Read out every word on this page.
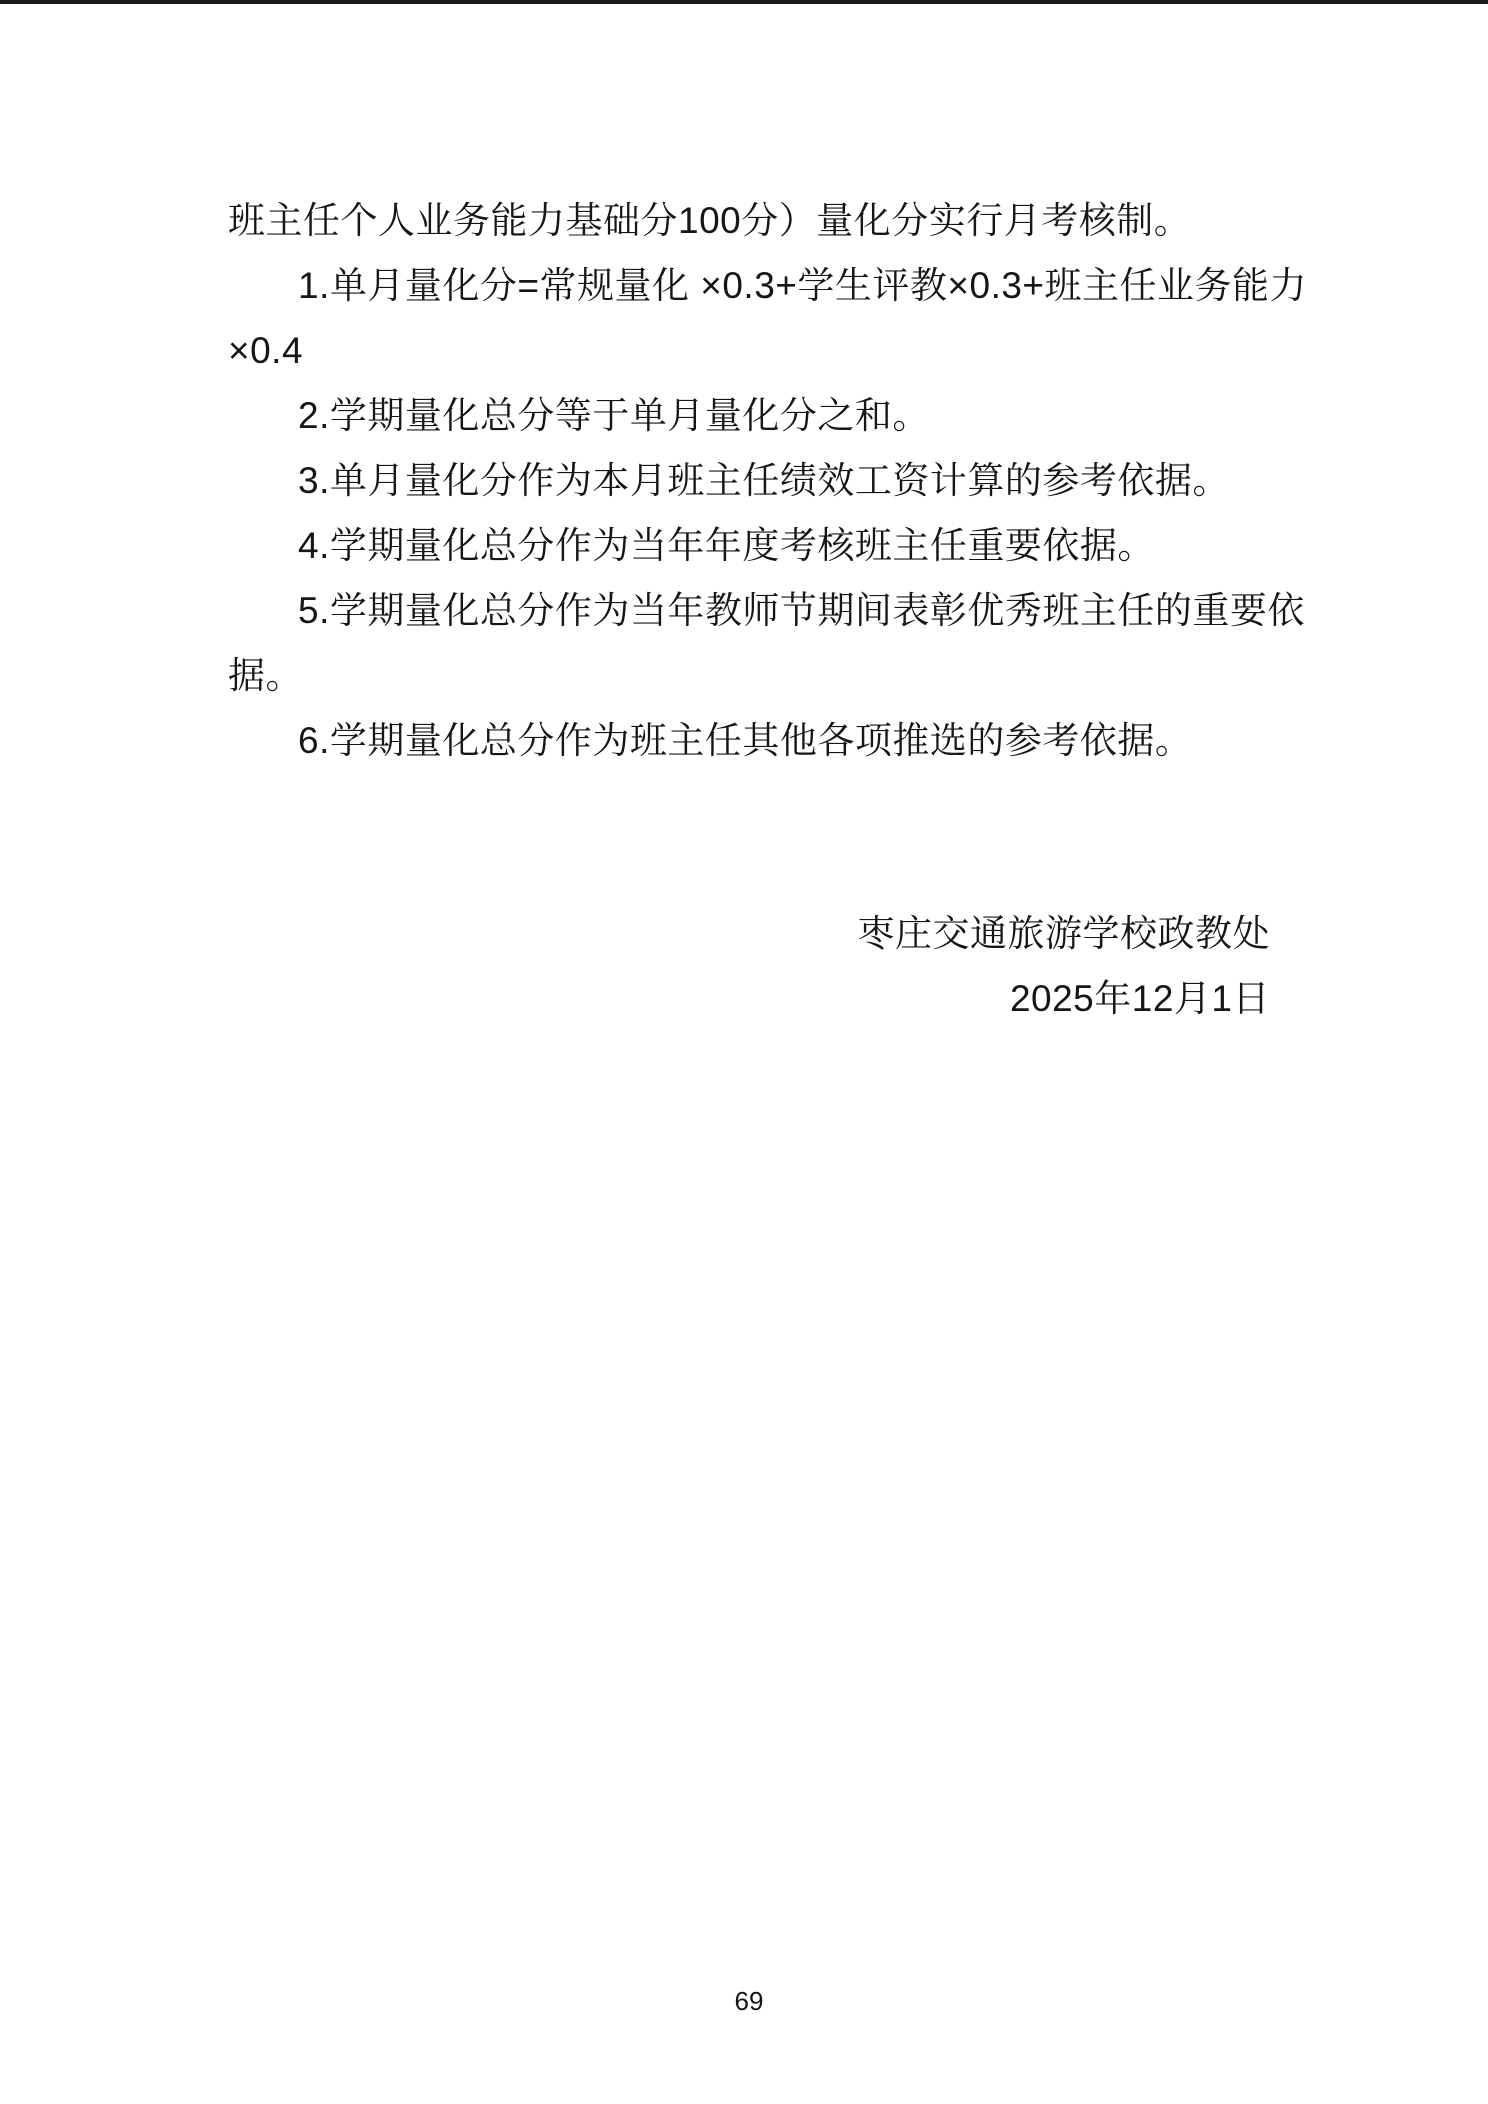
班主任个人业务能力基础分100分）量化分实行月考核制。
1.单月量化分=常规量化 ×0.3+学生评教×0.3+班主任业务能力
×0.4
2.学期量化总分等于单月量化分之和。
3.单月量化分作为本月班主任绩效工资计算的参考依据。
4.学期量化总分作为当年年度考核班主任重要依据。
5.学期量化总分作为当年教师节期间表彰优秀班主任的重要依
据。
6.学期量化总分作为班主任其他各项推选的参考依据。
枣庄交通旅游学校政教处
2025年12月1日
69
